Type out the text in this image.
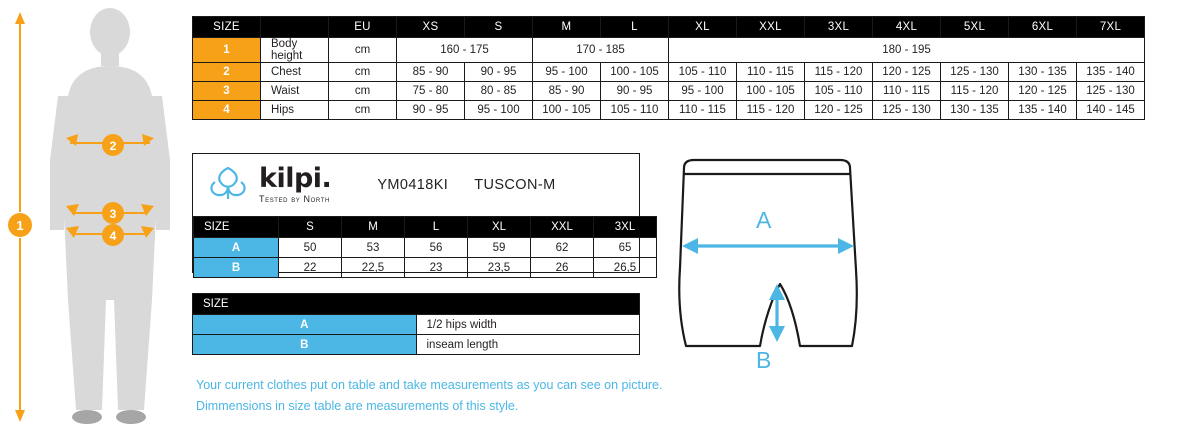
1
2
3
4
SIZE		EU	XS	S	M	L	XL	XXL	3XL	4XL	5XL	6XL	7XL
1	Body height	cm	160 - 175		170 - 185		180 - 195						
2	Chest	cm	85 - 90	90 - 95	95 - 100	100 - 105	105 - 110	110 - 115	115 - 120	120 - 125	125 - 130	130 - 135	135 - 140
3	Waist	cm	75 - 80	80 - 85	85 - 90	90 - 95	95 - 100	100 - 105	105 - 110	110 - 115	115 - 120	120 - 125	125 - 130
4	Hips	cm	90 - 95	95 - 100	100 - 105	105 - 110	110 - 115	115 - 120	120 - 125	125 - 130	130 - 135	135 - 140	140 - 145
kilpi.
Tested by North
YM0418KI TUSCON-M
SIZE	S	M	L	XL	XXL	3XL
A	50	53	56	59	62	65
B	22	22,5	23	23,5	26	26,5
SIZE	
A	1/2 hips width
B	inseam length
Your current clothes put on table and take measurements as you can see on picture.
Dimmensions in size table are measurements of this style.
A
B
